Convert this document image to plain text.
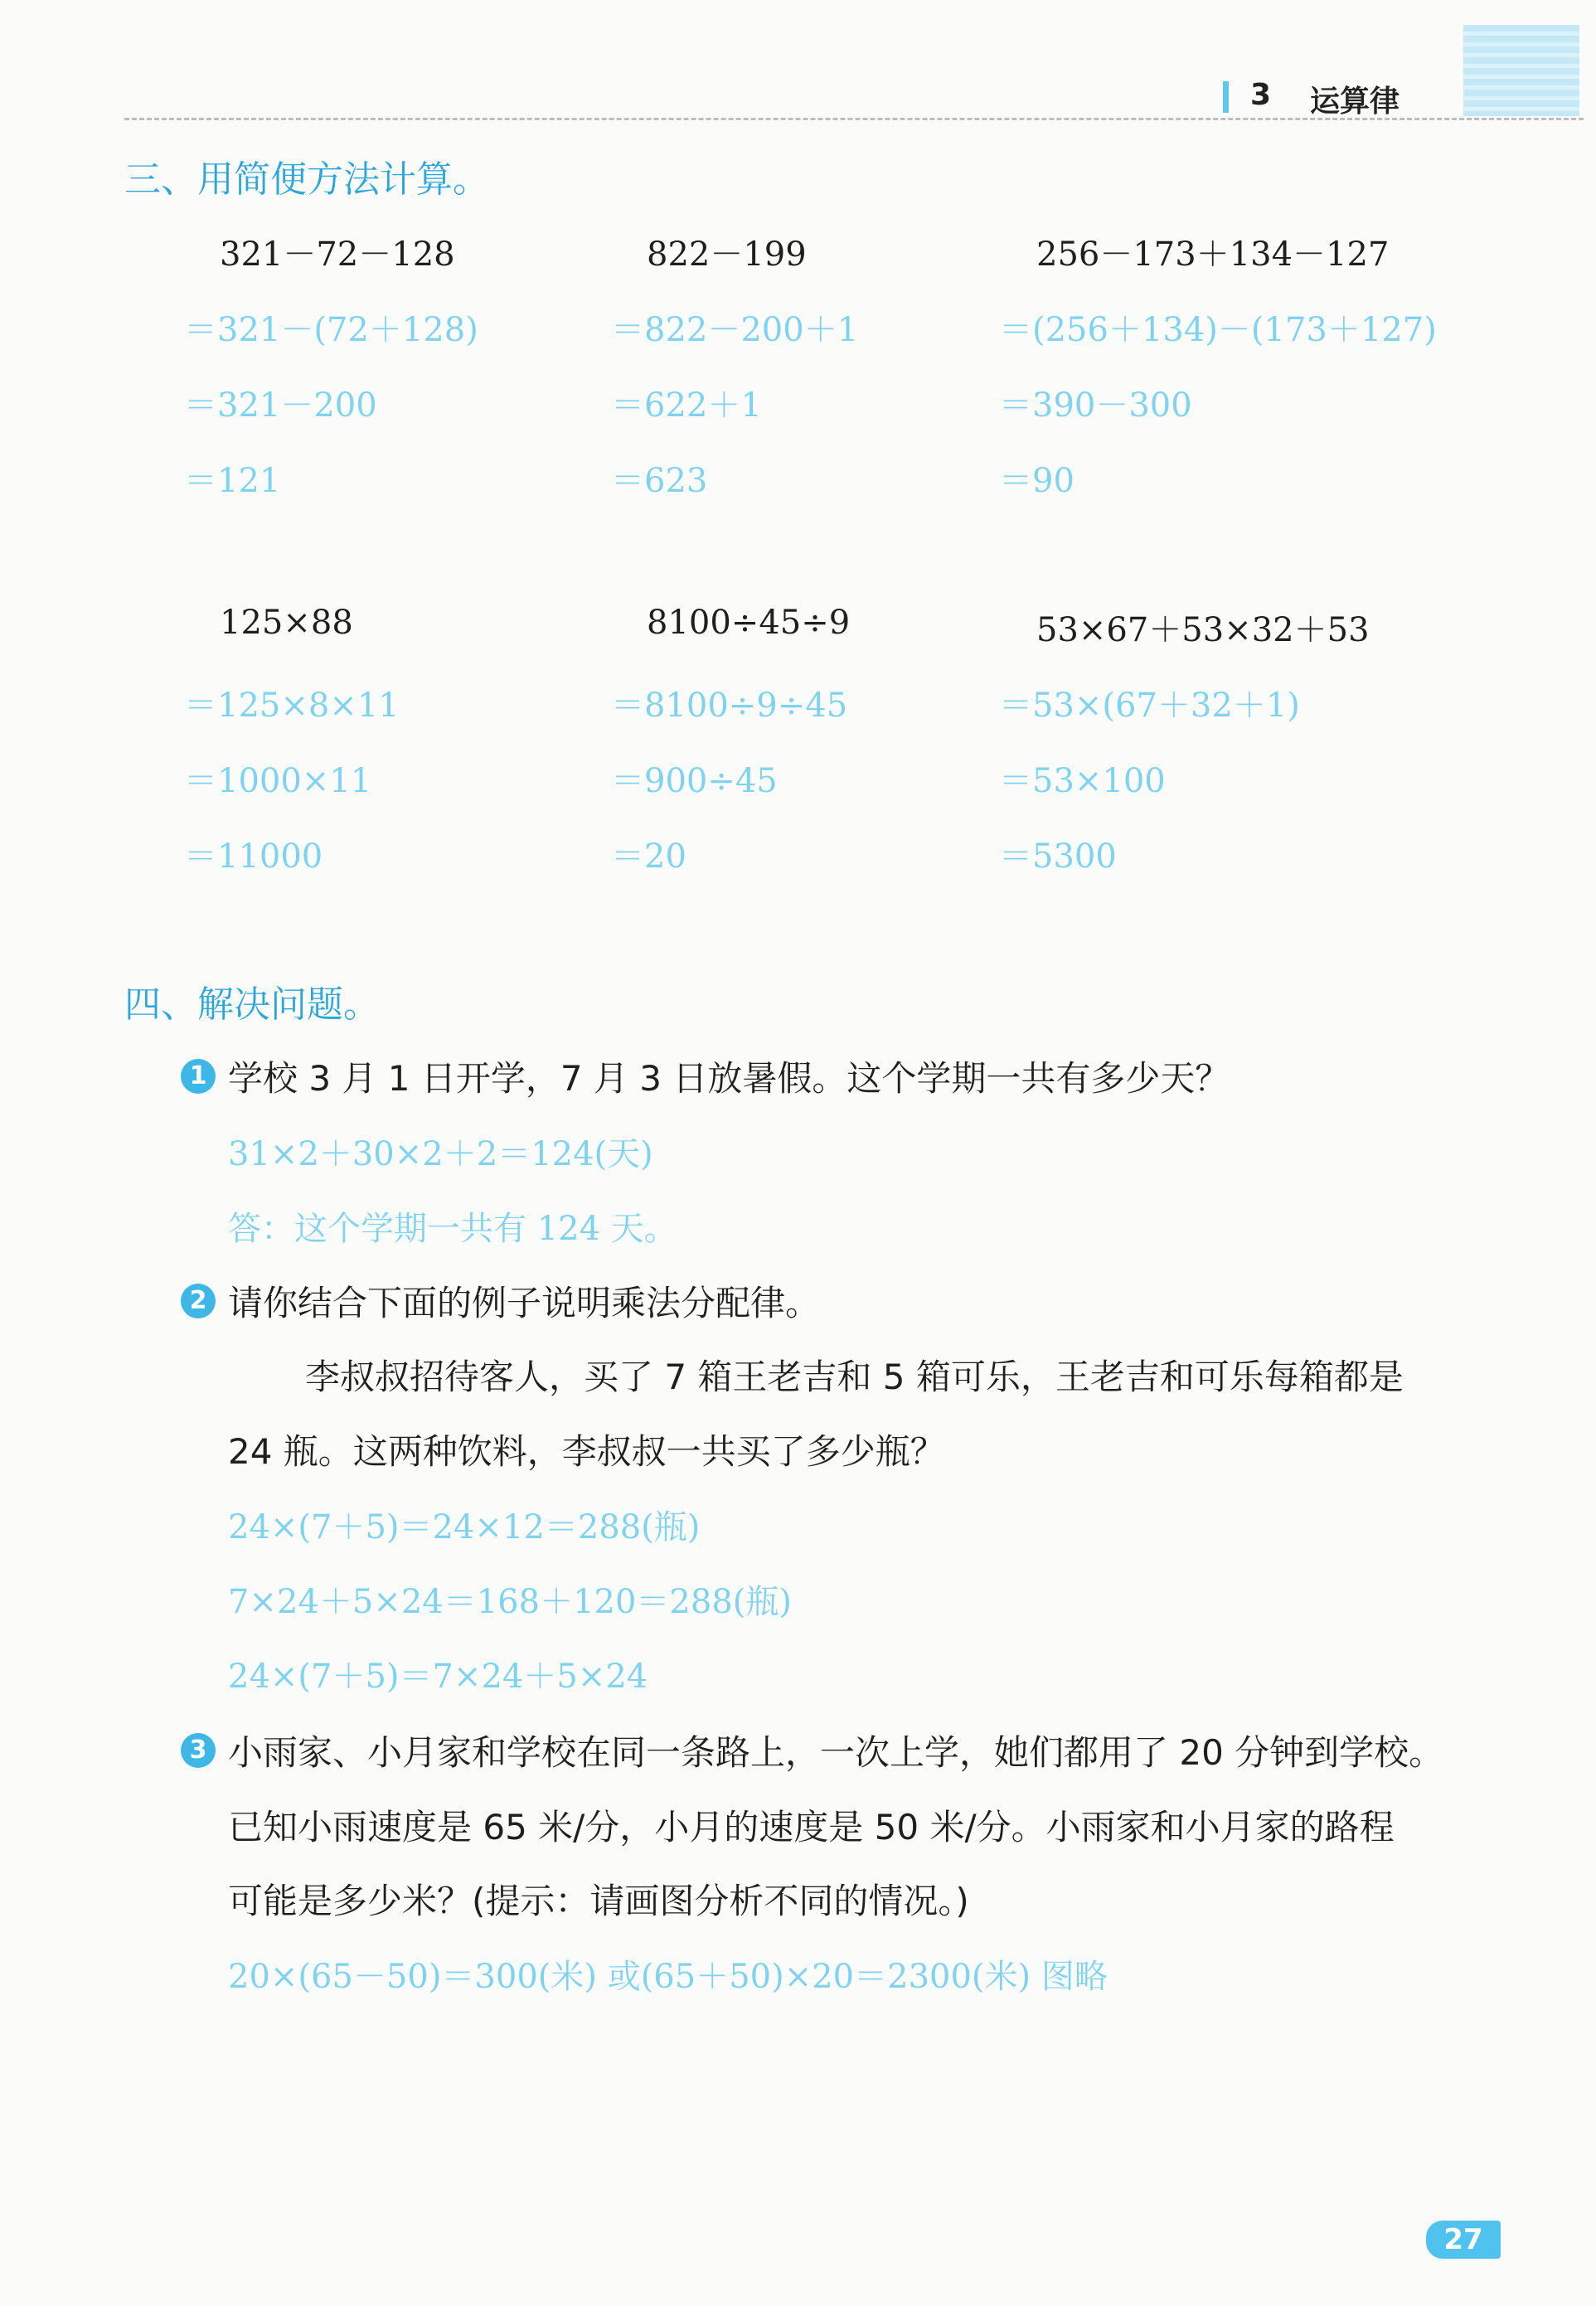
3 运算律
三、用简便方法计算。
321－72－128
＝321－(72＋128)
＝321－200
＝121
822－199
＝822－200＋1
＝622＋1
＝623
256－173＋134－127
＝(256＋134)－(173＋127)
＝390－300
＝90
125×88
＝125×8×11
＝1000×11
＝11000
8100÷45÷9
＝8100÷9÷45
＝900÷45
＝20
53×67＋53×32＋53
＝53×(67＋32＋1)
＝53×100
＝5300
四、解决问题。
1 学校 3 月 1 日开学，7 月 3 日放暑假。这个学期一共有多少天？
31×2＋30×2＋2＝124(天)
答：这个学期一共有 124 天。
2 请你结合下面的例子说明乘法分配律。
李叔叔招待客人，买了 7 箱王老吉和 5 箱可乐，王老吉和可乐每箱都是
24 瓶。这两种饮料，李叔叔一共买了多少瓶？
24×(7＋5)＝24×12＝288(瓶)
7×24＋5×24＝168＋120＝288(瓶)
24×(7＋5)＝7×24＋5×24
3 小雨家、小月家和学校在同一条路上，一次上学，她们都用了 20 分钟到学校。
已知小雨速度是 65 米/分，小月的速度是 50 米/分。小雨家和小月家的路程
可能是多少米？(提示：请画图分析不同的情况。)
20×(65－50)＝300(米) 或(65＋50)×20＝2300(米) 图略
27
